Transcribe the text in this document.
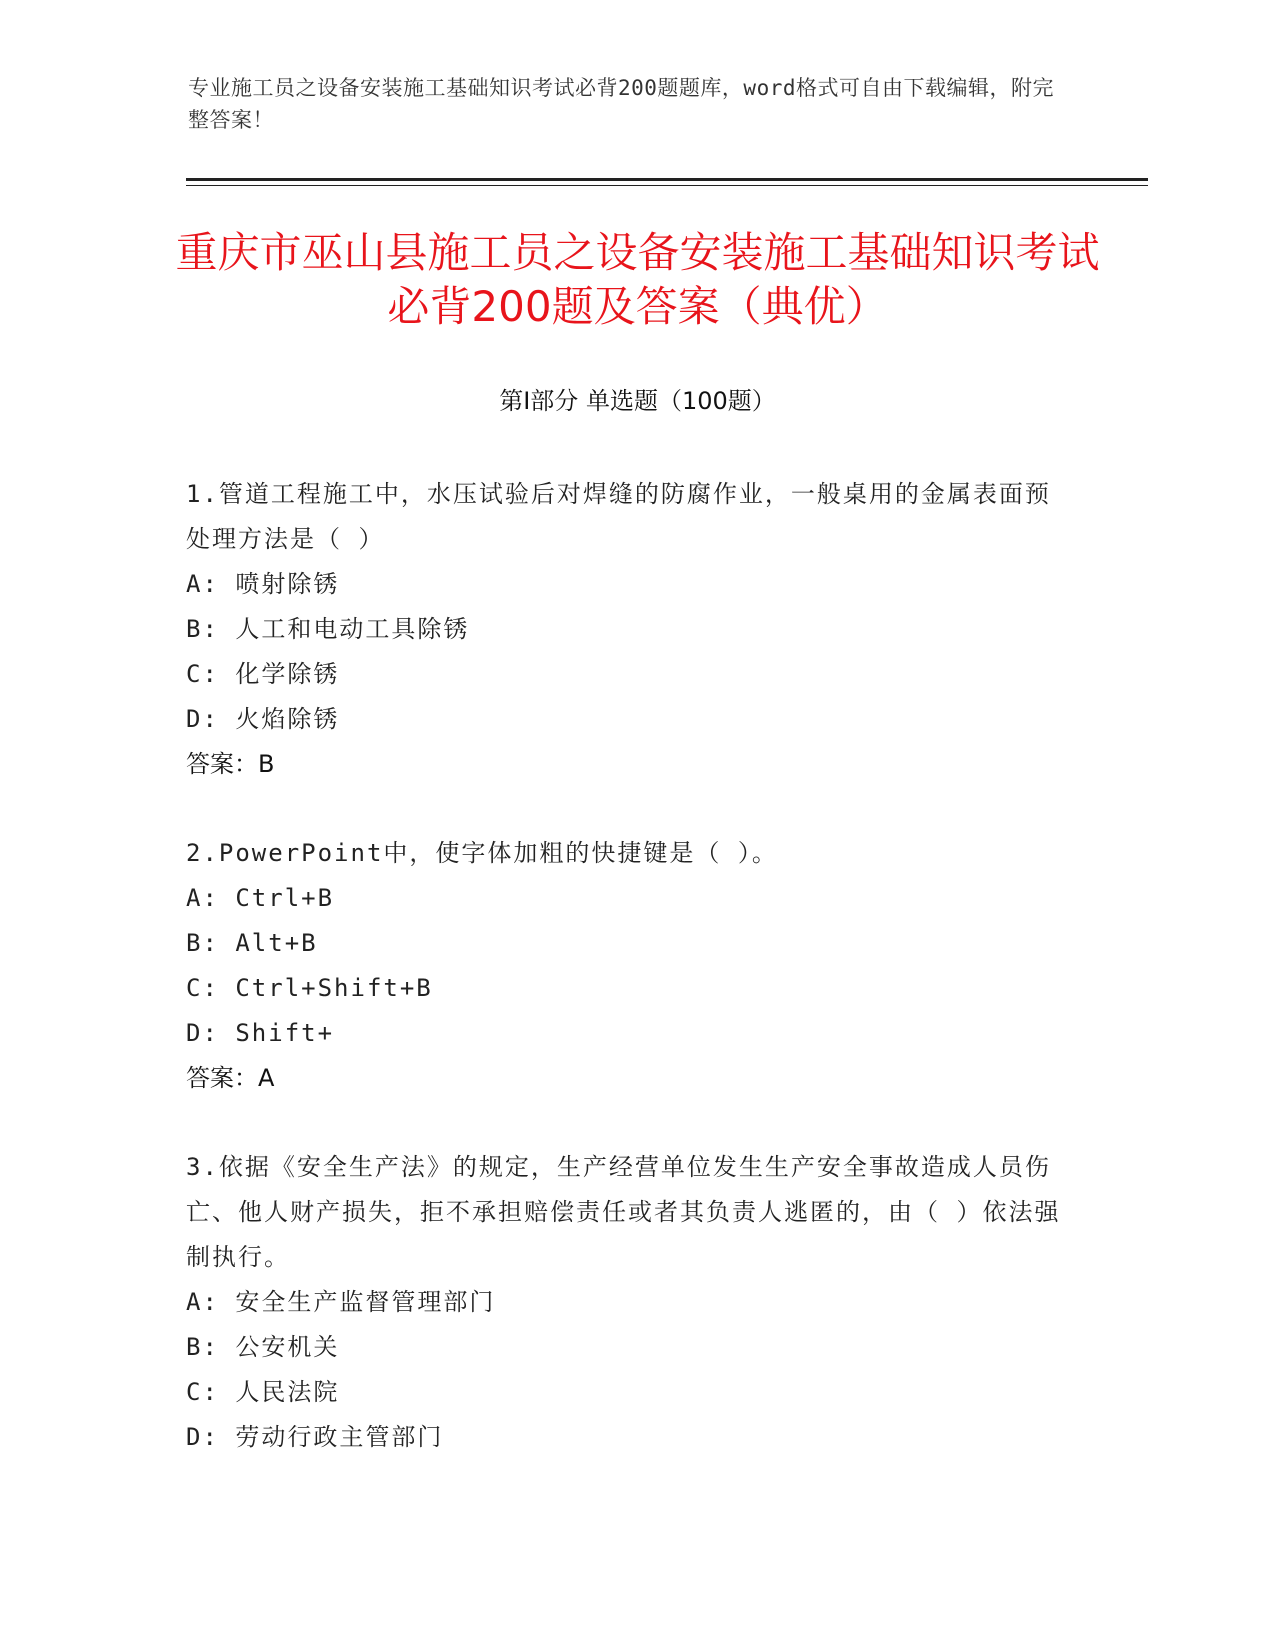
专业施工员之设备安装施工基础知识考试必背200题题库，word格式可自由下载编辑，附完整答案！
重庆市巫山县施工员之设备安装施工基础知识考试必背200题及答案（典优）
第I部分 单选题（100题）

1.管道工程施工中，水压试验后对焊缝的防腐作业，一般桌用的金属表面预处理方法是（ ）

A: 喷射除锈

B: 人工和电动工具除锈

C: 化学除锈

D: 火焰除锈

答案：B

2.PowerPoint中，使字体加粗的快捷键是（ ）。

A: Ctrl+B

B: Alt+B

C: Ctrl+Shift+B

D: Shift+

答案：A

3.依据《安全生产法》的规定，生产经营单位发生生产安全事故造成人员伤亡、他人财产损失，拒不承担赔偿责任或者其负责人逃匿的，由（ ）依法强制执行。

A: 安全生产监督管理部门

B: 公安机关

C: 人民法院

D: 劳动行政主管部门
